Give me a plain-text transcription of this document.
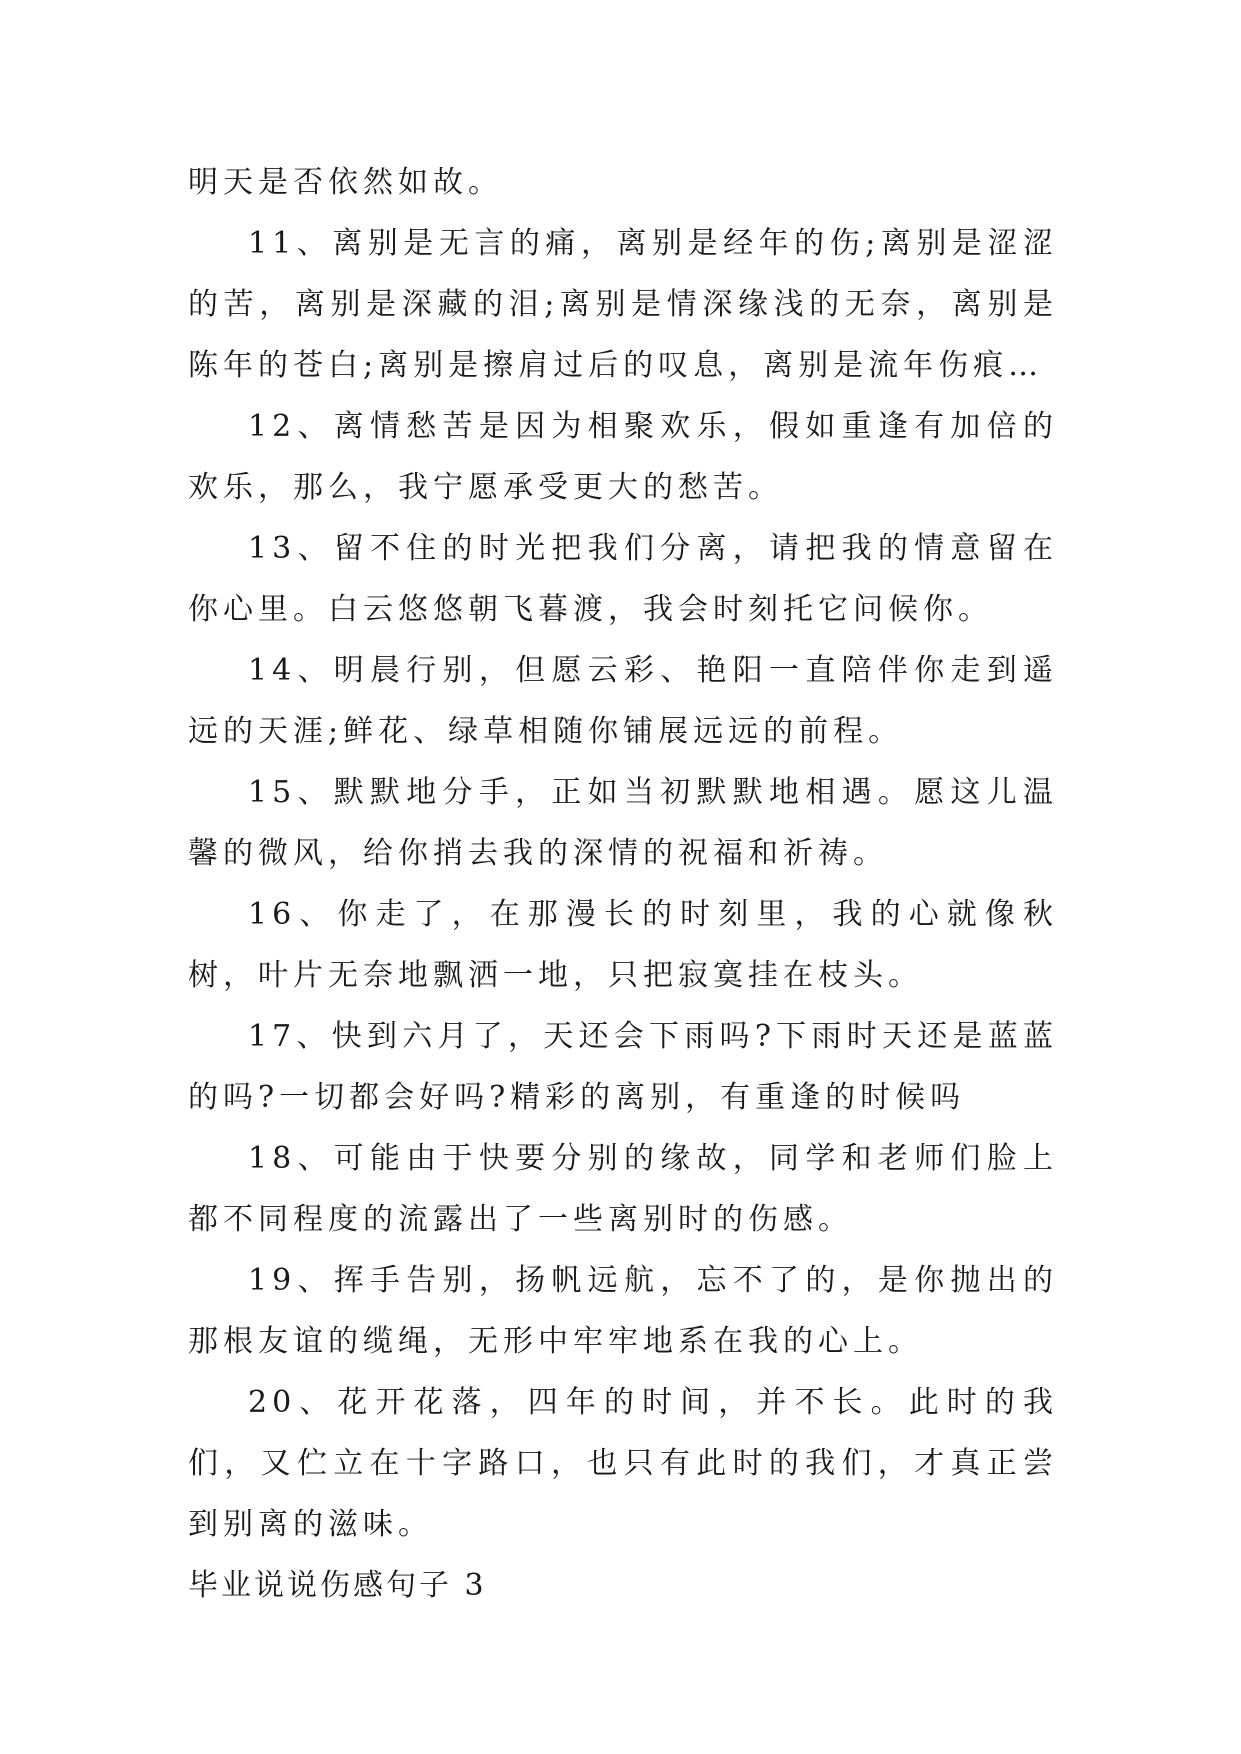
明天是否依然如故。

11、离别是无言的痛，离别是经年的伤;离别是涩涩的苦，离别是深藏的泪;离别是情深缘浅的无奈，离别是陈年的苍白;离别是擦肩过后的叹息，离别是流年伤痕…

12、离情愁苦是因为相聚欢乐，假如重逢有加倍的欢乐，那么，我宁愿承受更大的愁苦。

13、留不住的时光把我们分离，请把我的情意留在你心里。白云悠悠朝飞暮渡，我会时刻托它问候你。

14、明晨行别，但愿云彩、艳阳一直陪伴你走到遥远的天涯;鲜花、绿草相随你铺展远远的前程。

15、默默地分手，正如当初默默地相遇。愿这儿温馨的微风，给你捎去我的深情的祝福和祈祷。

16、你走了，在那漫长的时刻里，我的心就像秋树，叶片无奈地飘洒一地，只把寂寞挂在枝头。

17、快到六月了，天还会下雨吗?下雨时天还是蓝蓝的吗?一切都会好吗?精彩的离别，有重逢的时候吗

18、可能由于快要分别的缘故，同学和老师们脸上都不同程度的流露出了一些离别时的伤感。

19、挥手告别，扬帆远航，忘不了的，是你抛出的那根友谊的缆绳，无形中牢牢地系在我的心上。

20、花开花落，四年的时间，并不长。此时的我们，又伫立在十字路口，也只有此时的我们，才真正尝到别离的滋味。

毕业说说伤感句子 3
